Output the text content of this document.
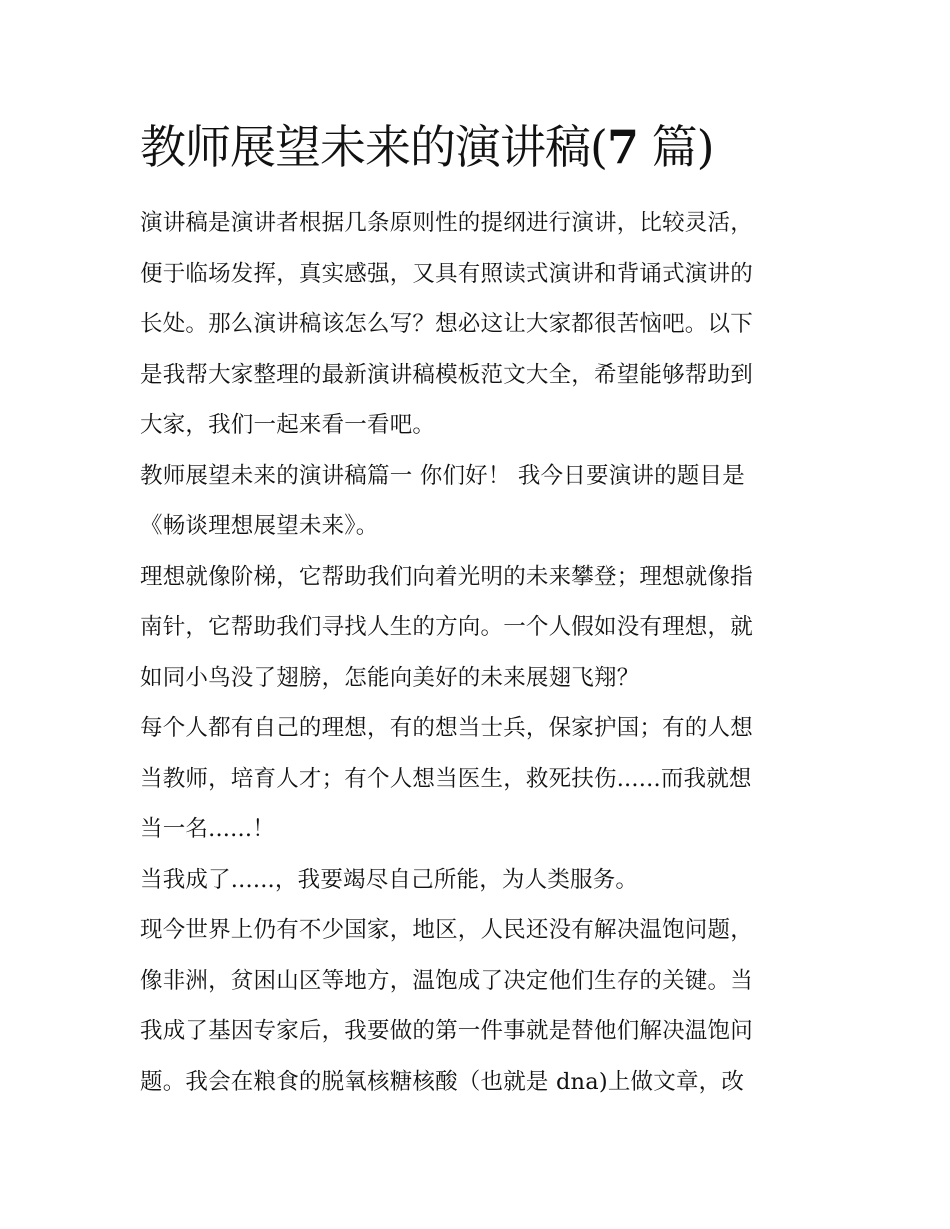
教师展望未来的演讲稿(7 篇)
演讲稿是演讲者根据几条原则性的提纲进行演讲，比较灵活，
便于临场发挥，真实感强，又具有照读式演讲和背诵式演讲的
长处。那么演讲稿该怎么写？想必这让大家都很苦恼吧。以下
是我帮大家整理的最新演讲稿模板范文大全，希望能够帮助到
大家，我们一起来看一看吧。
教师展望未来的演讲稿篇一 你们好！ 我今日要演讲的题目是
《畅谈理想展望未来》。
理想就像阶梯，它帮助我们向着光明的未来攀登；理想就像指
南针，它帮助我们寻找人生的方向。一个人假如没有理想，就
如同小鸟没了翅膀，怎能向美好的未来展翅飞翔？
每个人都有自己的理想，有的想当士兵，保家护国；有的人想
当教师，培育人才；有个人想当医生，救死扶伤......而我就想
当一名......！
当我成了......，我要竭尽自己所能，为人类服务。
现今世界上仍有不少国家，地区，人民还没有解决温饱问题，
像非洲，贫困山区等地方，温饱成了决定他们生存的关键。当
我成了基因专家后，我要做的第一件事就是替他们解决温饱问
题。我会在粮食的脱氧核糖核酸（也就是 dna)上做文章，改
